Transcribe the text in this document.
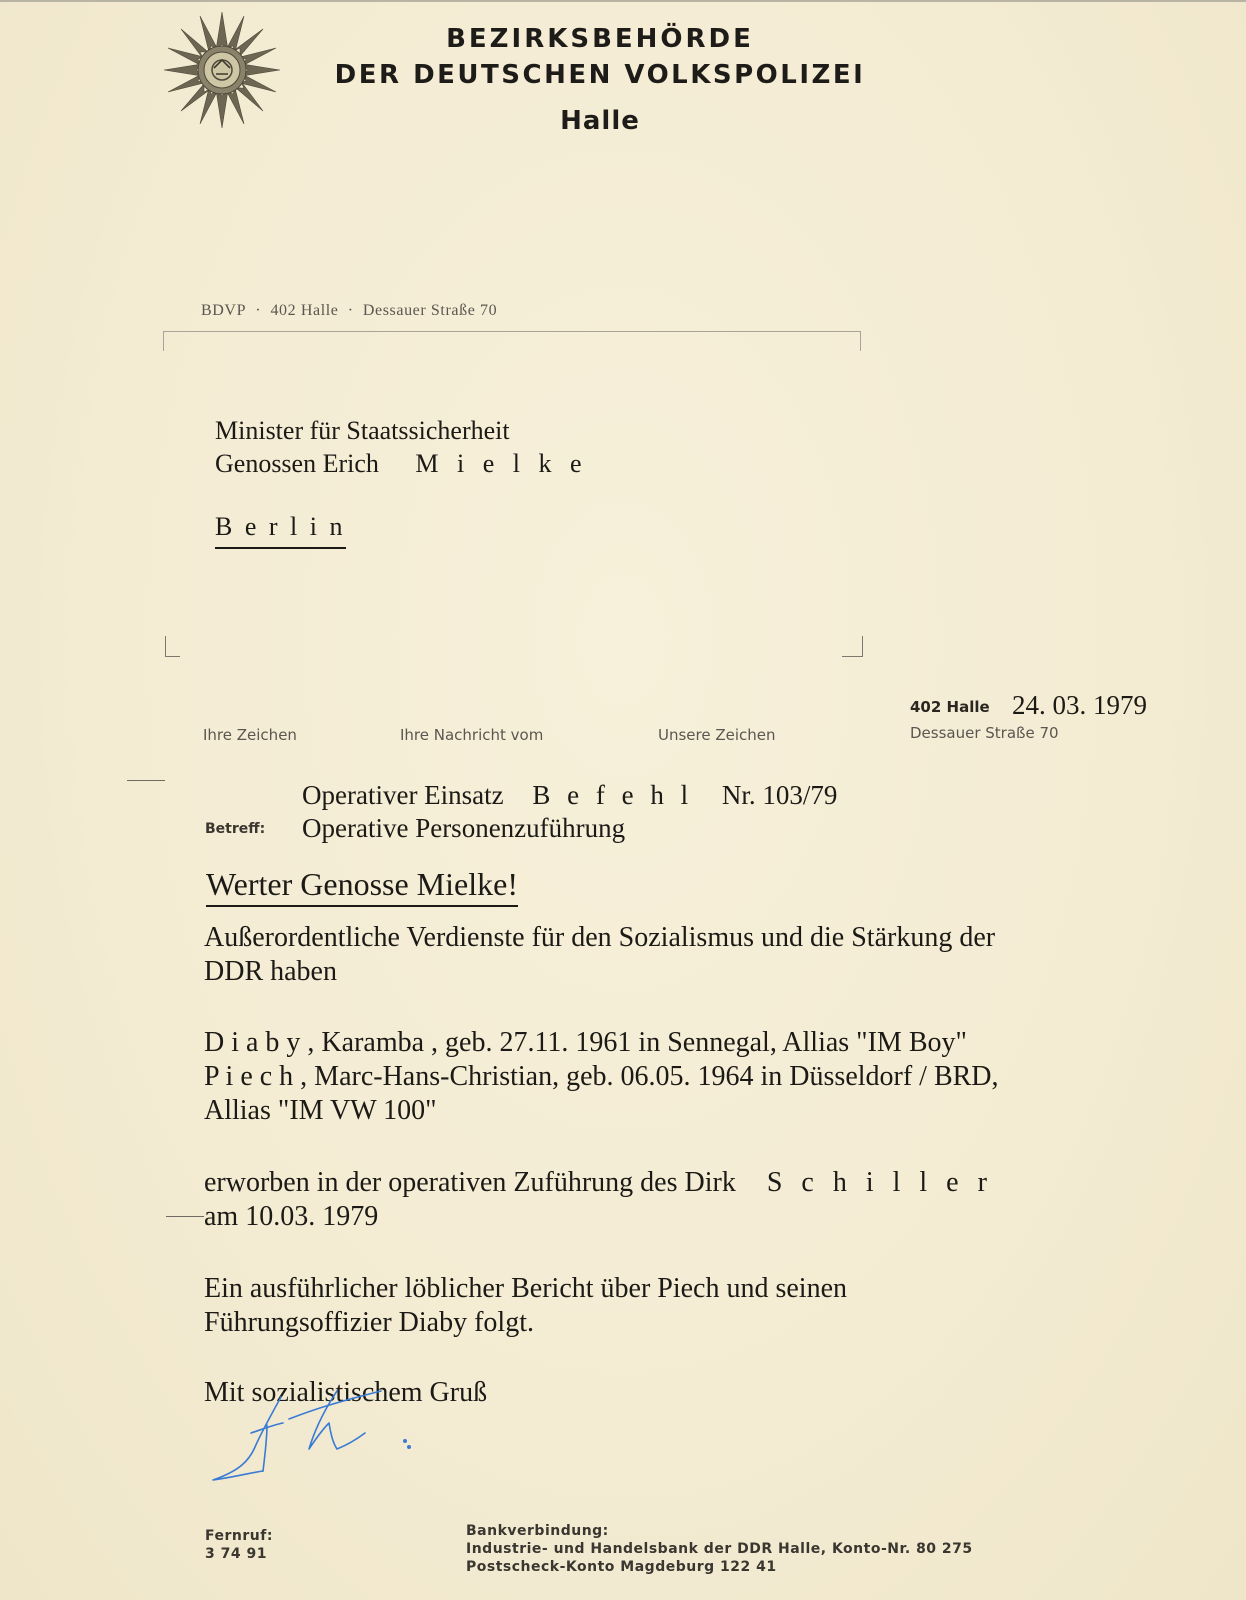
BEZIRKSBEHÖRDE
DER DEUTSCHEN VOLKSPOLIZEI
Halle
BDVP  ·  402 Halle  ·  Dessauer Straße 70
Minister für Staatssicherheit
Genossen Erich M i e l k e
B e r l i n
Ihre Zeichen	Ihre Nachricht vom	Unsere Zeichen
402 Halle 24. 03. 1979
Dessauer Straße 70
Operativer Einsatz B e f e h l Nr. 103/79
Betreff: Operative Personenzuführung
Werter Genosse Mielke!
Außerordentliche Verdienste für den Sozialismus und die Stärkung der
DDR haben
D i a b y , Karamba , geb. 27.11. 1961 in Sennegal, Allias "IM Boy"
P i e c h , Marc-Hans-Christian, geb. 06.05. 1964 in Düsseldorf / BRD,
Allias "IM VW 100"
erworben in der operativen Zuführung des Dirk S c h i l l e r
am 10.03. 1979
Ein ausführlicher löblicher Bericht über Piech und seinen
Führungsoffizier Diaby folgt.
Mit sozialistischem Gruß
Fernruf:
3 74 91
Bankverbindung:
Industrie- und Handelsbank der DDR Halle, Konto-Nr. 80 275
Postscheck-Konto Magdeburg 122 41
